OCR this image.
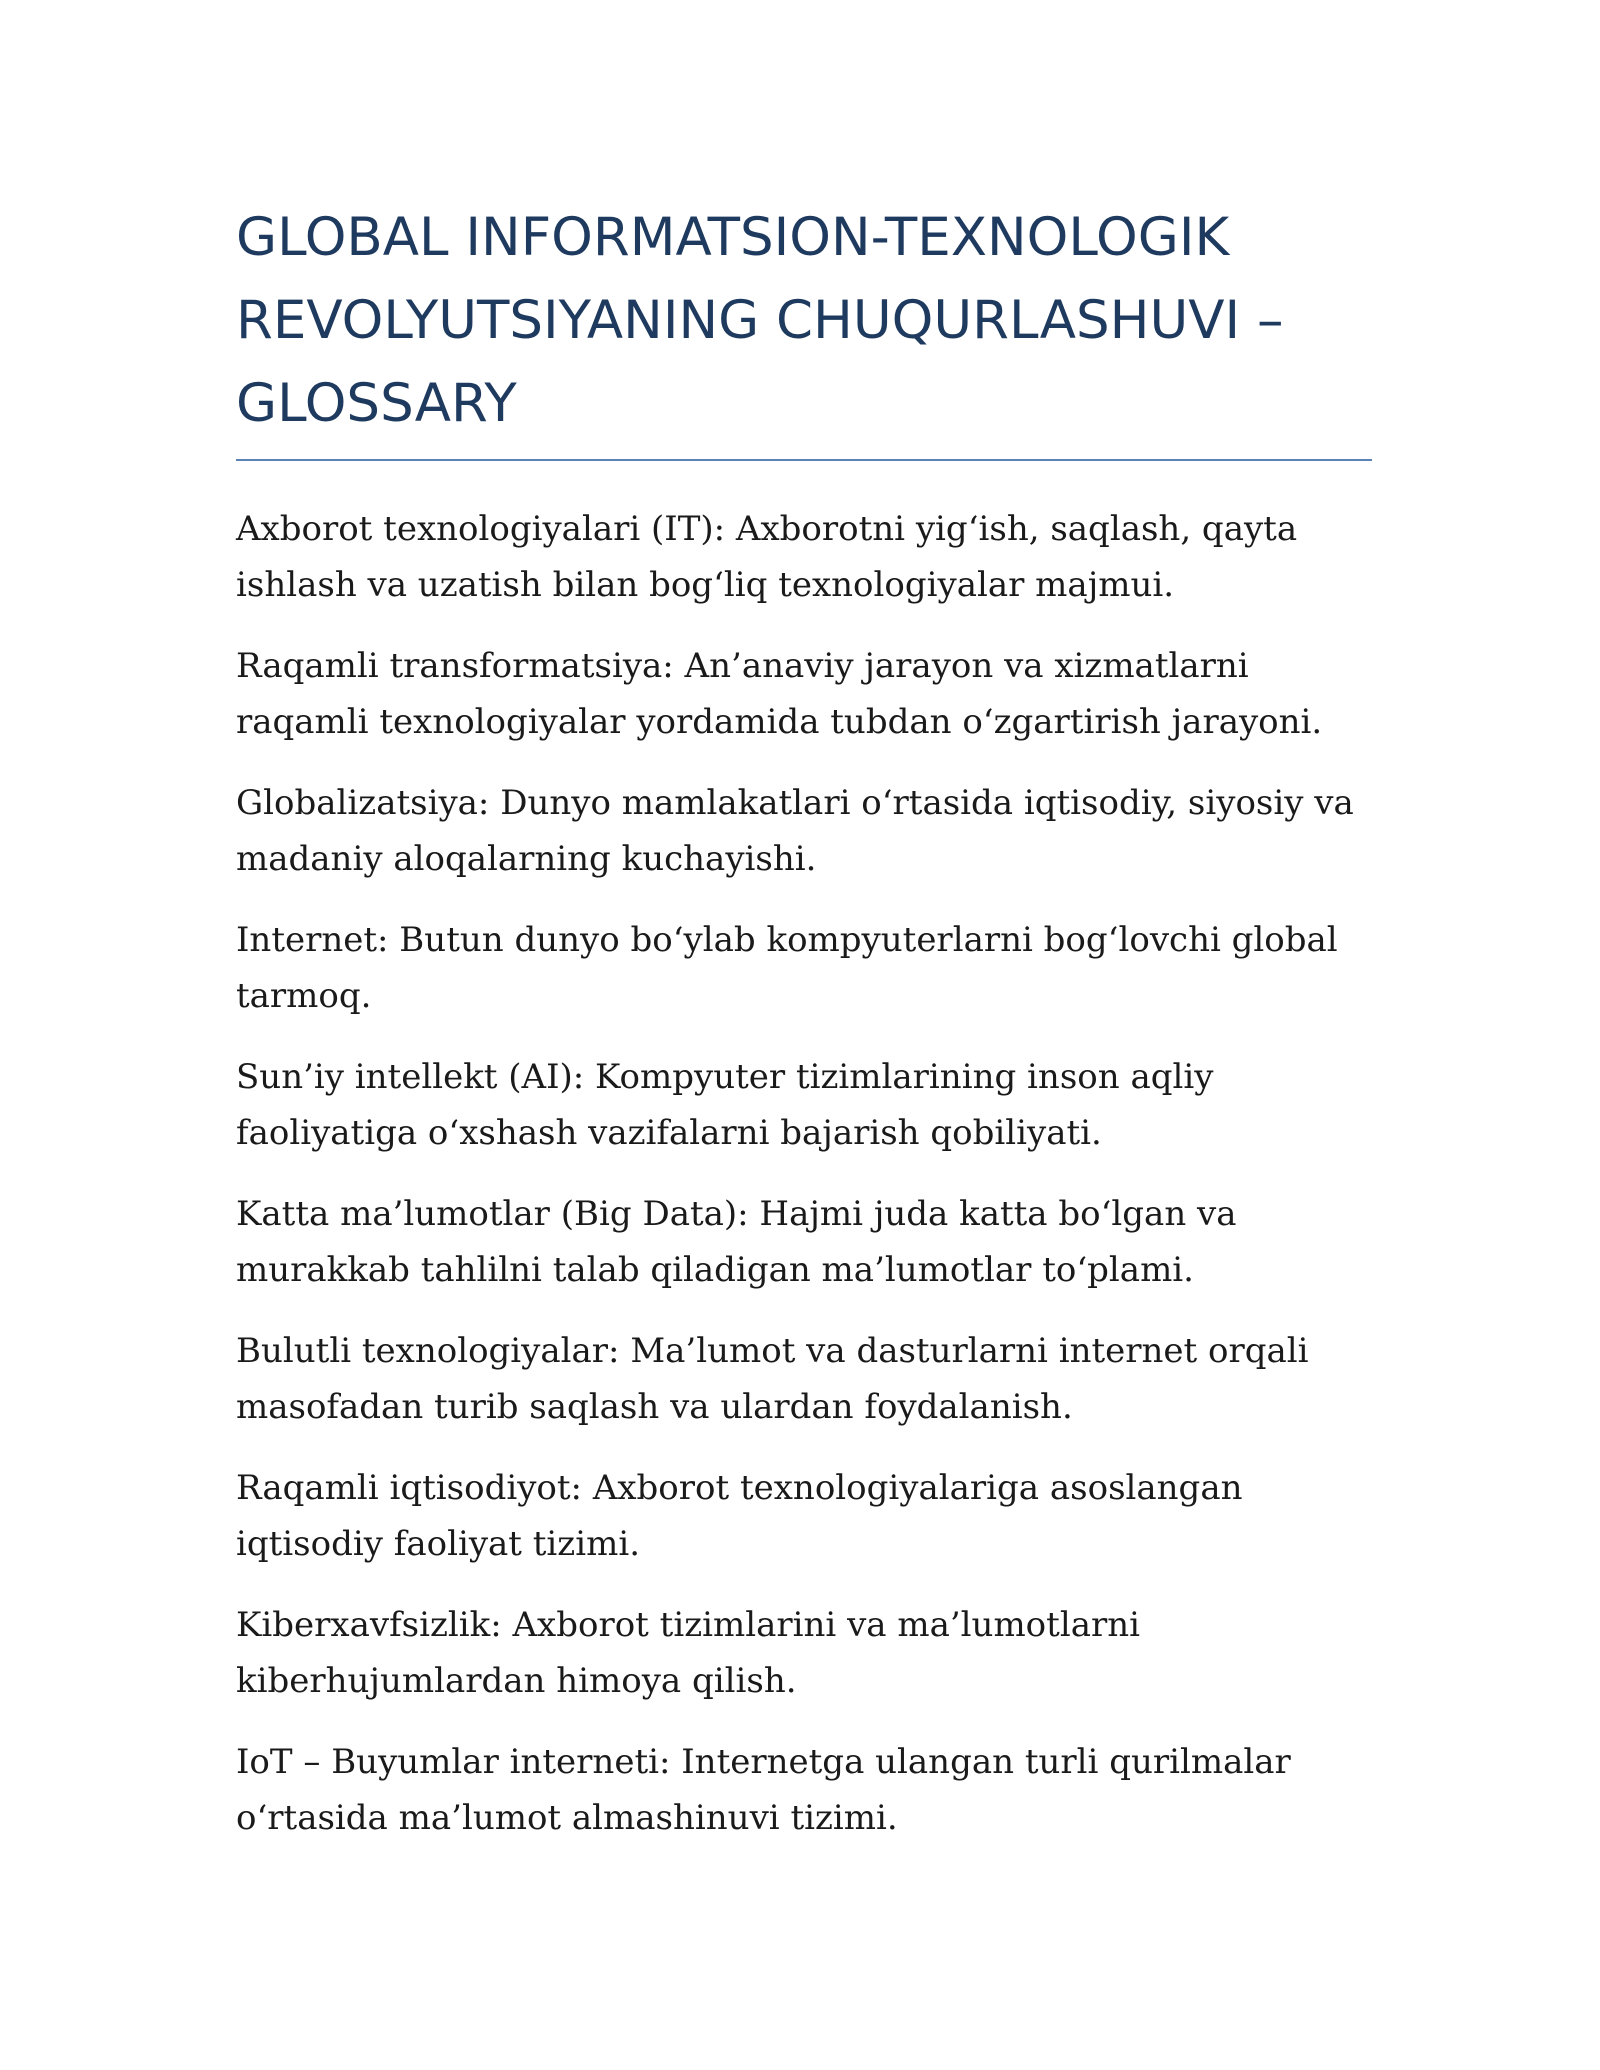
GLOBAL INFORMATSION-TEXNOLOGIK REVOLYUTSIYANING CHUQURLASHUVI – GLOSSARY
Axborot texnologiyalari (IT): Axborotni yig‘ish, saqlash, qayta ishlash va uzatish bilan bog‘liq texnologiyalar majmui.
Raqamli transformatsiya: An’anaviy jarayon va xizmatlarni raqamli texnologiyalar yordamida tubdan o‘zgartirish jarayoni.
Globalizatsiya: Dunyo mamlakatlari o‘rtasida iqtisodiy, siyosiy va madaniy aloqalarning kuchayishi.
Internet: Butun dunyo bo‘ylab kompyuterlarni bog‘lovchi global tarmoq.
Sun’iy intellekt (AI): Kompyuter tizimlarining inson aqliy faoliyatiga o‘xshash vazifalarni bajarish qobiliyati.
Katta ma’lumotlar (Big Data): Hajmi juda katta bo‘lgan va murakkab tahlilni talab qiladigan ma’lumotlar to‘plami.
Bulutli texnologiyalar: Ma’lumot va dasturlarni internet orqali masofadan turib saqlash va ulardan foydalanish.
Raqamli iqtisodiyot: Axborot texnologiyalariga asoslangan iqtisodiy faoliyat tizimi.
Kiberxavfsizlik: Axborot tizimlarini va ma’lumotlarni kiberhujumlardan himoya qilish.
IoT – Buyumlar interneti: Internetga ulangan turli qurilmalar o‘rtasida ma’lumot almashinuvi tizimi.
